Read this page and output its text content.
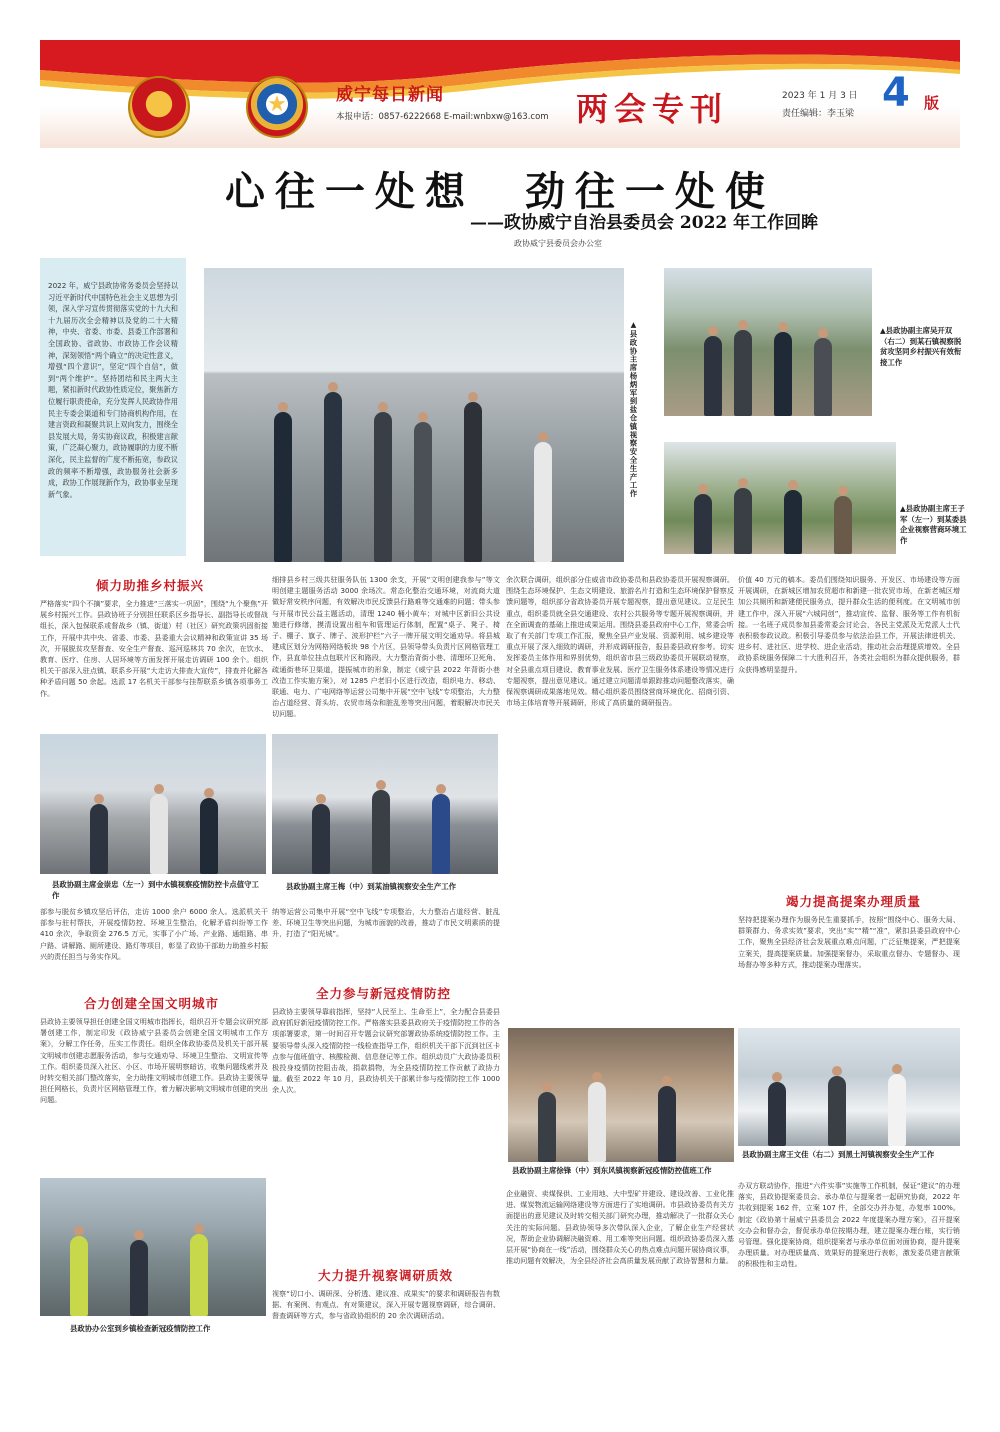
★	★	威宁每日新闻
本报申话：0857-6222668 E-mail:wnbxw@163.com 两会专刊	2023 年 1 月 3 日
责任编辑：李玉梁 4 版
心往一处想　劲往一处使
——政协威宁自治县委员会 2022 年工作回眸
政协威宁县委员会办公室
2022 年，威宁县政协常务委员会坚持以习近平新时代中国特色社会主义思想为引领，深入学习宣传贯彻落实党的十九大和十九届历次全会精神以及党的二十大精神，中央、省委、市委、县委工作部署和全国政协、省政协、市政协工作会议精神，深刻领悟“两个确立”的决定性意义，增强“四个意识”，坚定“四个自信”，做到“两个维护”。坚持团结和民主两大主题，紧扣新时代政协性质定位，聚焦新方位履行职责使命，充分发挥人民政协作用民主专委会渠道和专门协商机构作用，在建言资政和凝聚共识上双向发力，围绕全县发展大局，务实协商议政，积极建言献策，广泛凝心聚力，政协履职的力度不断深化，民主监督的广度不断拓宽，参政议政的频率不断增强，政协服务社会新多成，政协工作展现新作为，政协事业呈现新气象。	▲县政协主席杨炳军到盐仓镇视察安全生产工作	▲县政协副主席吴开双（右二）到某石镇视察脱贫攻坚同乡村振兴有效衔接工作
▲县政协副主席王子军（左一）到某委县企业视察营商环境工作
倾力助推乡村振兴
严格落实“四个不摘”要求，全力推进“三落实一巩固”，围绕“九个聚焦”开展乡村振兴工作。县政协班子分别担任联系区乡指导长、副指导长或督战组长，深入包保联系或督战乡（镇、街道）村（社区）研究政策巩固衔接工作，开展中共中央、省委、市委、县委重大会议精神和政策宣讲 35 场次，开展脱贫攻坚督查、安全生产督查、巡河巡林共 70 余次，在饮水、教育、医疗、住房、人居环境等方面发挥开展走访调研 100 余个。组织机关干部深入驻点镇、联系乡开展“大走访大排查大宣传”，排查并化解各种矛盾问题 50 余起。选派 17 名机关干部参与挂帮联系乡镇各项事务工作。
细排县乡村三级共驻服务队伍 1300 余支，开展“文明创建我参与”等文明创建主题服务活动 3000 余场次。常态化整治交通环境，对流商大道做好常安秩序问题，有效解决市民反馈县行路难等交通难的问题；带头参与开展市民公益主题活动，清理 1240 桶小黄车；对城中区新旧公共设施进行修缮，摸清设置出租车和管理运行体制，配置“桌子、凳子、椅子、棚子、旗子、牌子、波形护栏”六子一牌开展文明交通劝导。将县城建成区划分为网格网络板块 98 个片区，县领导带头负责片区网格管理工作，县直单位挂点包联片区和路段，大力整治背街小巷、清理环卫死角、疏通街巷环卫渠道，提振城市的形象，制定《威宁县 2022 年背街小巷改造工作实施方案》，对 1285 户老旧小区进行改造，组织电力、移动、联通、电力、广电网络等运营公司集中开展“空中飞线”专项整治，大力整治占道经营、背头坊、农贸市场杂和脏乱差等突出问题，着眼解决市民关切问题。
余次联合调研，组织部分住威省市政协委员和县政协委员开展视察调研。围绕生态环境保护、生态文明建设、旅游名片打造和生态环境保护督察反馈问题等，组织部分省政协委员开展专题视察，提出意见建议。立足民生重点，组织委员就全县交通建设、农村公共服务等专题开展视察调研，并在全面调查的基础上推进成果运用。围绕县委县政府中心工作，常委会听取了有关部门专项工作汇报，聚焦全县产业发展、资源利用、城乡建设等重点开展了深入细致的调研，并形成调研报告，报县委县政府参考。切实发挥委员主体作用和界别优势，组织省市县三级政协委员开展联动视察，对全县重点项目建设、教育事业发展、医疗卫生服务体系建设等情况进行专题视察，提出意见建议。通过建立问题清单跟踪推动问题整改落实，确保视察调研成果落地见效。精心组织委员围绕营商环境优化、招商引资、市场主体培育等开展调研，形成了高质量的调研报告。
价值 40 万元的稿本。委员们围绕知识服务、开发区、市场建设等方面开展调研，在新城区增加农贸超市和新建一批农贸市场，在新老城区增加公共厕所和新建便民服务点，提升群众生活的便利度。在文明城市创建工作中，深入开展“六城同创”，推动宣传、监督、服务等工作有机衔接。一名班子成员参加县委常委会讨论会，各民主党派及无党派人士代表积极参政议政。积极引导委员参与依法治县工作，开展法律进机关、进乡村、进社区、进学校、进企业活动，推动社会治理提质增效。全县政协系统服务保障二十大胜利召开，各类社会组织为群众提供服务，群众获得感明显提升。
县政协副主席金崇忠（左一）到中水镇视察疫情防控卡点值守工作
县政协副主席王梅（中）到某油镇视察安全生产工作
部参与脱贫乡镇攻坚后评估，走访 1000 余户 6000 余人。选派机关干部参与驻村帮扶，开展疫情防控、环境卫生整治，化解矛盾纠纷等工作 410 余次，争取资金 276.5 万元，实事了小广场、产业路、通组路、串户路、讲解路、厕所建设、路灯等项目，彰显了政协干部助力助推乡村振兴的责任担当与务实作风。
纳等运营公司集中开展“空中飞线”专项整治，大力整治占道经营、脏乱差、环境卫生等突出问题，为城市面貌的改善，推动了市民文明素质的提升，打造了“阳光城”。
竭力提高提案办理质量
坚持把提案办理作为服务民生重要抓手，按照“围绕中心、服务大局、群策群力、务求实效”要求，突出“实”“精”“准”，紧扣县委县政府中心工作，聚焦全县经济社会发展重点难点问题，广泛征集提案，严把提案立案关，提高提案质量。加强提案督办，采取重点督办、专题督办、现场督办等多种方式，推动提案办理落实。
合力创建全国文明城市
县政协主要领导担任创建全国文明城市指挥长，组织召开专题会议研究部署创建工作，制定印发《政协威宁县委员会创建全国文明城市工作方案》，分解工作任务，压实工作责任。组织全体政协委员及机关干部开展文明城市创建志愿服务活动，参与交通劝导、环境卫生整治、文明宣传等工作。组织委员深入社区、小区、市场开展明察暗访，收集问题线索并及时转交相关部门整改落实，全力助推文明城市创建工作。县政协主要领导担任网格长，负责片区网格管理工作，着力解决影响文明城市创建的突出问题。
全力参与新冠疫情防控
县政协主要领导靠前指挥，坚持“人民至上、生命至上”，全力配合县委县政府抓好新冠疫情防控工作。严格落实县委县政府关于疫情防控工作的各项部署要求，第一时间召开专题会议研究部署政协系统疫情防控工作。主要领导带头深入疫情防控一线检查指导工作，组织机关干部下沉到社区卡点参与值班值守、核酸检测、信息登记等工作。组织动员广大政协委员积极投身疫情防控阻击战，捐款捐物，为全县疫情防控工作贡献了政协力量。截至 2022 年 10 月，县政协机关干部累计参与疫情防控工作 1000 余人次。
县政协副主席徐锋（中）到东风镇视察新冠疫情防控值班工作
县政协副主席王文佳（右二）到黑土河镇视察安全生产工作
县政协办公室到乡镇检查新冠疫情防控工作
大力提升视察调研质效
视察“切口小、调研深、分析透、建议准、成果实”的要求和调研报告有数据、有案例、有观点、有对策建议，深入开展专题视察调研，综合调研、督查调研等方式，参与省政协组织的 20 余次调研活动。
企业融资、卖煤保供、工业用地、大中型矿井建设、建设改善、工业化推进、煤炭物流运输网络建设等方面进行了实地调研。市县政协委员有关方面提出的意见建议及时转交相关部门研究办理，推动解决了一批群众关心关注的实际问题。县政协领导多次带队深入企业，了解企业生产经营状况，帮助企业协调解决融资难、用工难等突出问题。组织政协委员深入基层开展“协商在一线”活动，围绕群众关心的热点难点问题开展协商议事，推动问题有效解决，为全县经济社会高质量发展贡献了政协智慧和力量。
办双方联动协作，推进“六件实事”实施等工作机制，保证“建议”的办理落实，县政协提案委员会、承办单位与提案者一起研究协商，2022 年共收到提案 162 件，立案 107 件，全部交办并办复，办复率 100%。制定《政协第十届威宁县委员会 2022 年度提案办理方案》，召开提案交办会和督办会，督促承办单位按期办理，建立提案办理台账，实行销号管理。强化提案协商，组织提案者与承办单位面对面协商，提升提案办理质量。对办理质量高、效果好的提案进行表彰，激发委员建言献策的积极性和主动性。
